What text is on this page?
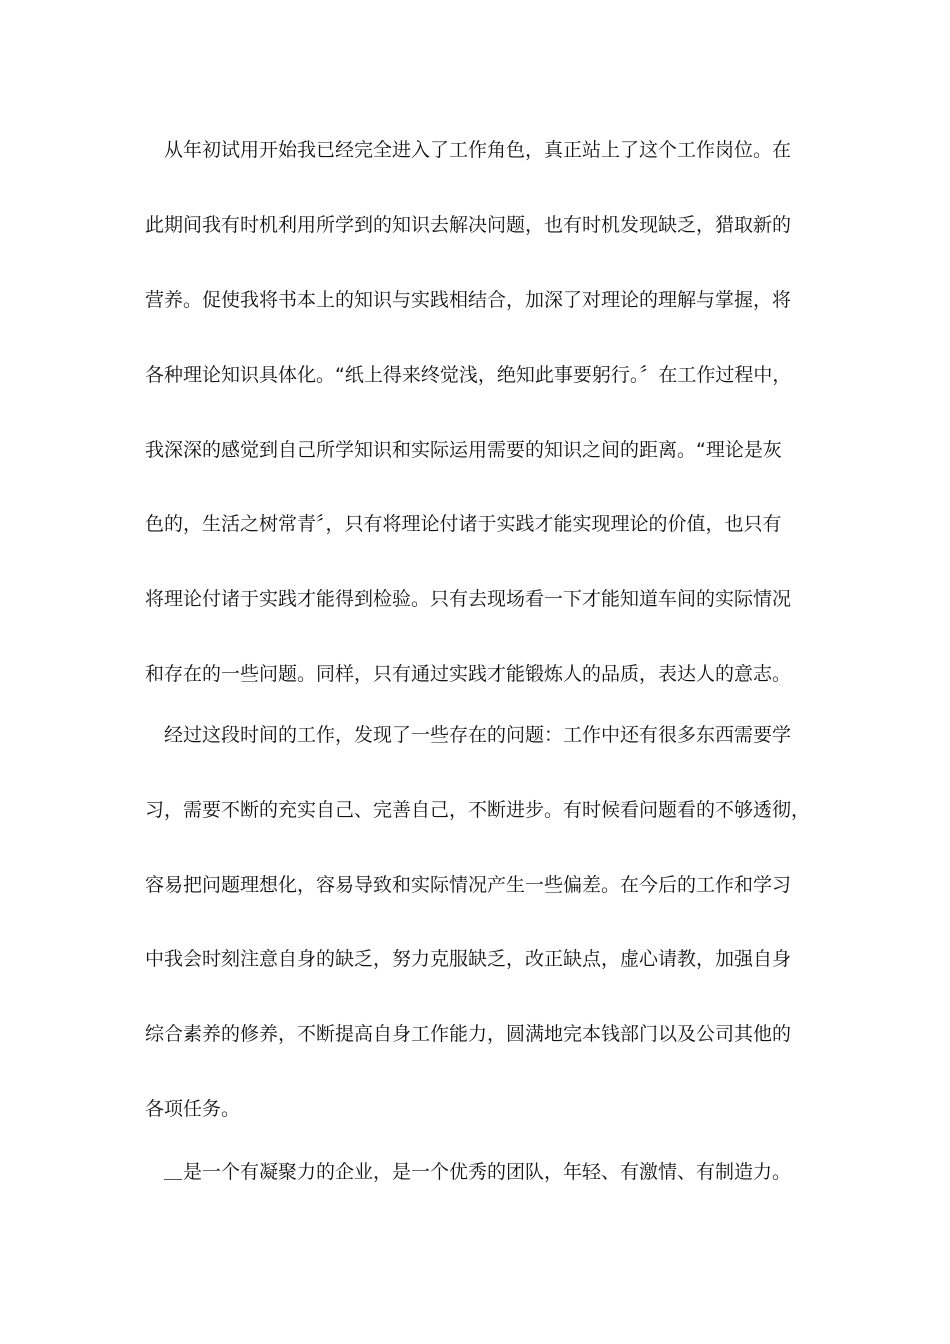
从年初试用开始我已经完全进入了工作角色，真正站上了这个工作岗位。在
此期间我有时机利用所学到的知识去解决问题，也有时机发现缺乏，猎取新的
营养。促使我将书本上的知识与实践相结合，加深了对理论的理解与掌握，将
各种理论知识具体化。“纸上得来终觉浅，绝知此事要躬行。〞在工作过程中，
我深深的感觉到自己所学知识和实际运用需要的知识之间的距离。“理论是灰
色的，生活之树常青〞，只有将理论付诸于实践才能实现理论的价值，也只有
将理论付诸于实践才能得到检验。只有去现场看一下才能知道车间的实际情况
和存在的一些问题。同样，只有通过实践才能锻炼人的品质，表达人的意志。
经过这段时间的工作，发现了一些存在的问题：工作中还有很多东西需要学
习，需要不断的充实自己、完善自己，不断进步。有时候看问题看的不够透彻，
容易把问题理想化，容易导致和实际情况产生一些偏差。在今后的工作和学习
中我会时刻注意自身的缺乏，努力克服缺乏，改正缺点，虚心请教，加强自身
综合素养的修养，不断提高自身工作能力，圆满地完本钱部门以及公司其他的
各项任务。
是一个有凝聚力的企业，是一个优秀的团队，年轻、有激情、有制造力。
